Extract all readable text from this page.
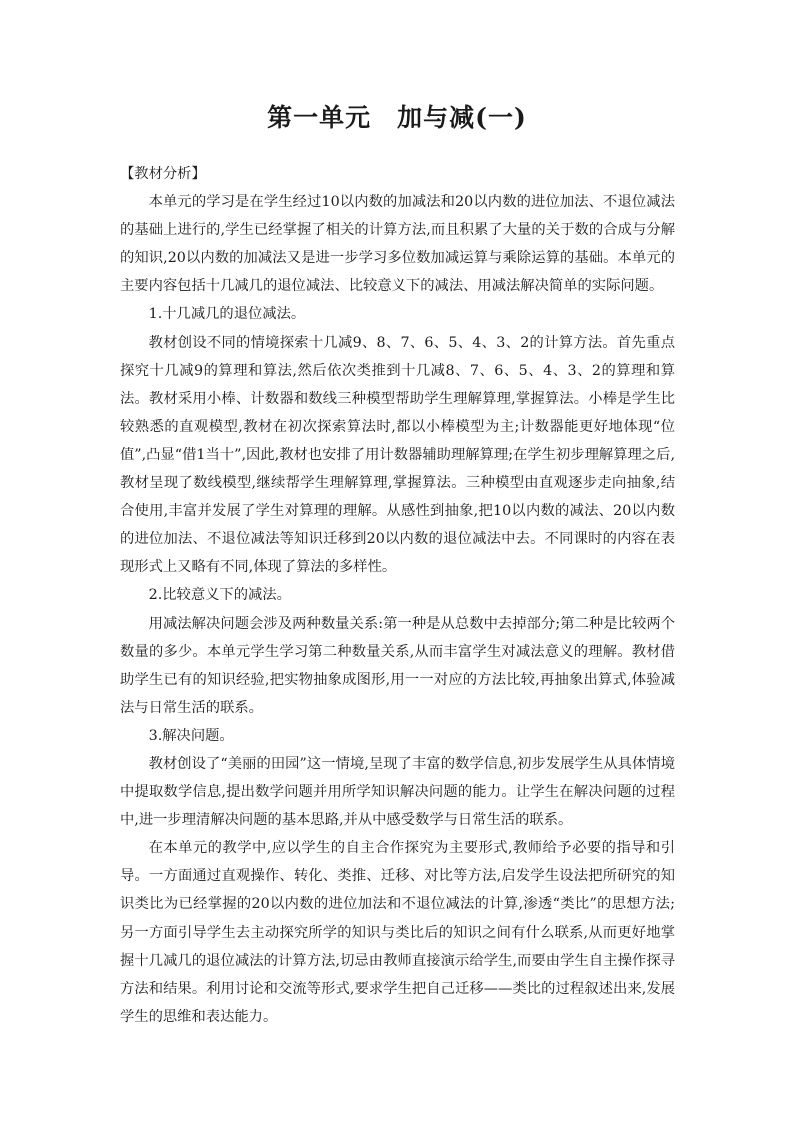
第一单元　加与减(一)

【教材分析】

本单元的学习是在学生经过10以内数的加减法和20以内数的进位加法、不退位减法的基础上进行的,学生已经掌握了相关的计算方法,而且积累了大量的关于数的合成与分解的知识,20以内数的加减法又是进一步学习多位数加减运算与乘除运算的基础。本单元的主要内容包括十几减几的退位减法、比较意义下的减法、用减法解决简单的实际问题。

1.十几减几的退位减法。

教材创设不同的情境探索十几减9、8、7、6、5、4、3、2的计算方法。首先重点探究十几减9的算理和算法,然后依次类推到十几减8、7、6、5、4、3、2的算理和算法。教材采用小棒、计数器和数线三种模型帮助学生理解算理,掌握算法。小棒是学生比较熟悉的直观模型,教材在初次探索算法时,都以小棒模型为主;计数器能更好地体现“位值”,凸显“借1当十”,因此,教材也安排了用计数器辅助理解算理;在学生初步理解算理之后,教材呈现了数线模型,继续帮学生理解算理,掌握算法。三种模型由直观逐步走向抽象,结合使用,丰富并发展了学生对算理的理解。从感性到抽象,把10以内数的减法、20以内数的进位加法、不退位减法等知识迁移到20以内数的退位减法中去。不同课时的内容在表现形式上又略有不同,体现了算法的多样性。

2.比较意义下的减法。

用减法解决问题会涉及两种数量关系:第一种是从总数中去掉部分;第二种是比较两个数量的多少。本单元学生学习第二种数量关系,从而丰富学生对减法意义的理解。教材借助学生已有的知识经验,把实物抽象成图形,用一一对应的方法比较,再抽象出算式,体验减法与日常生活的联系。

3.解决问题。

教材创设了“美丽的田园”这一情境,呈现了丰富的数学信息,初步发展学生从具体情境中提取数学信息,提出数学问题并用所学知识解决问题的能力。让学生在解决问题的过程中,进一步理清解决问题的基本思路,并从中感受数学与日常生活的联系。

在本单元的教学中,应以学生的自主合作探究为主要形式,教师给予必要的指导和引导。一方面通过直观操作、转化、类推、迁移、对比等方法,启发学生设法把所研究的知识类比为已经掌握的20以内数的进位加法和不退位减法的计算,渗透“类比”的思想方法;另一方面引导学生去主动探究所学的知识与类比后的知识之间有什么联系,从而更好地掌握十几减几的退位减法的计算方法,切忌由教师直接演示给学生,而要由学生自主操作探寻方法和结果。利用讨论和交流等形式,要求学生把自己迁移——类比的过程叙述出来,发展学生的思维和表达能力。
